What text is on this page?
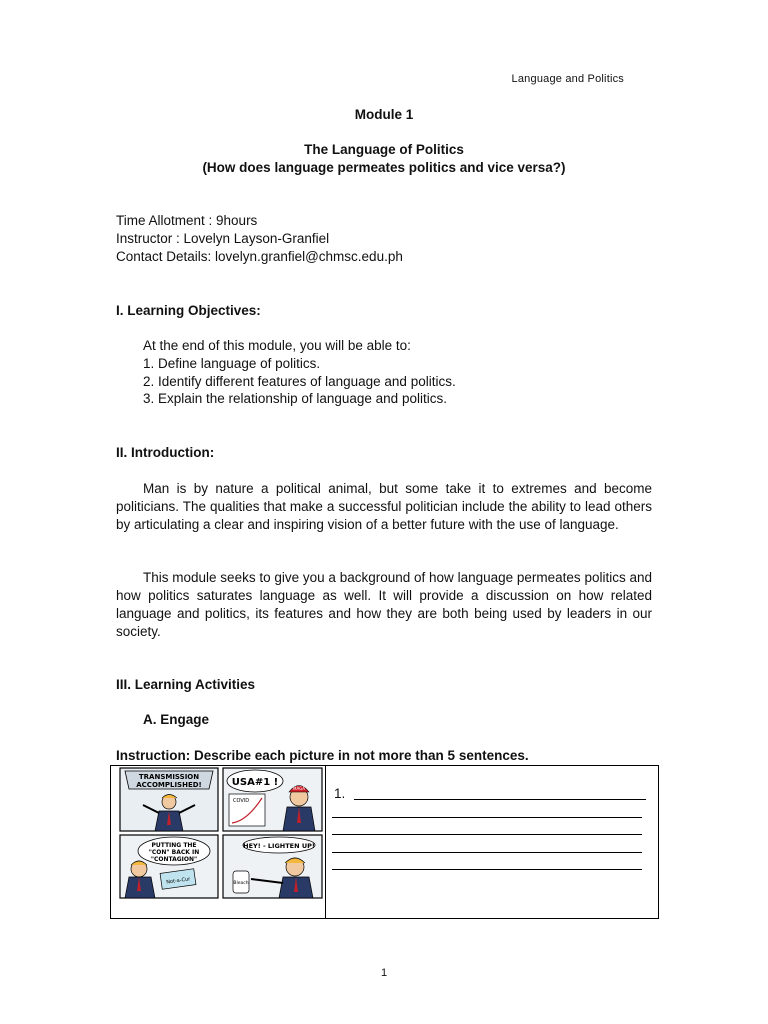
Language and Politics
Module 1
The Language of Politics
(How does language permeates politics and vice versa?)
Time Allotment : 9hours
Instructor : Lovelyn Layson-Granfiel
Contact Details: lovelyn.granfiel@chmsc.edu.ph
I. Learning Objectives:
At the end of this module, you will be able to:
1. Define language of politics.
2. Identify different features of language and politics.
3. Explain the relationship of language and politics.
II. Introduction:
Man is by nature a political animal, but some take it to extremes and become politicians. The qualities that make a successful politician include the ability to lead others by articulating a clear and inspiring vision of a better future with the use of language.
This module seeks to give you a background of how language permeates politics and how politics saturates language as well. It will provide a discussion on how related language and politics, its features and how they are both being used by leaders in our society.
III. Learning Activities
A. Engage
Instruction: Describe each picture in not more than 5 sentences.
TRANSMISSION
ACCOMPLISHED!	USA#1 !
COVID
MAGA
PUTTING THE
"CON" BACK IN
"CONTAGION"
Not-a-Cur
HEY! - LIGHTEN UP!
Bleach
1.
1
